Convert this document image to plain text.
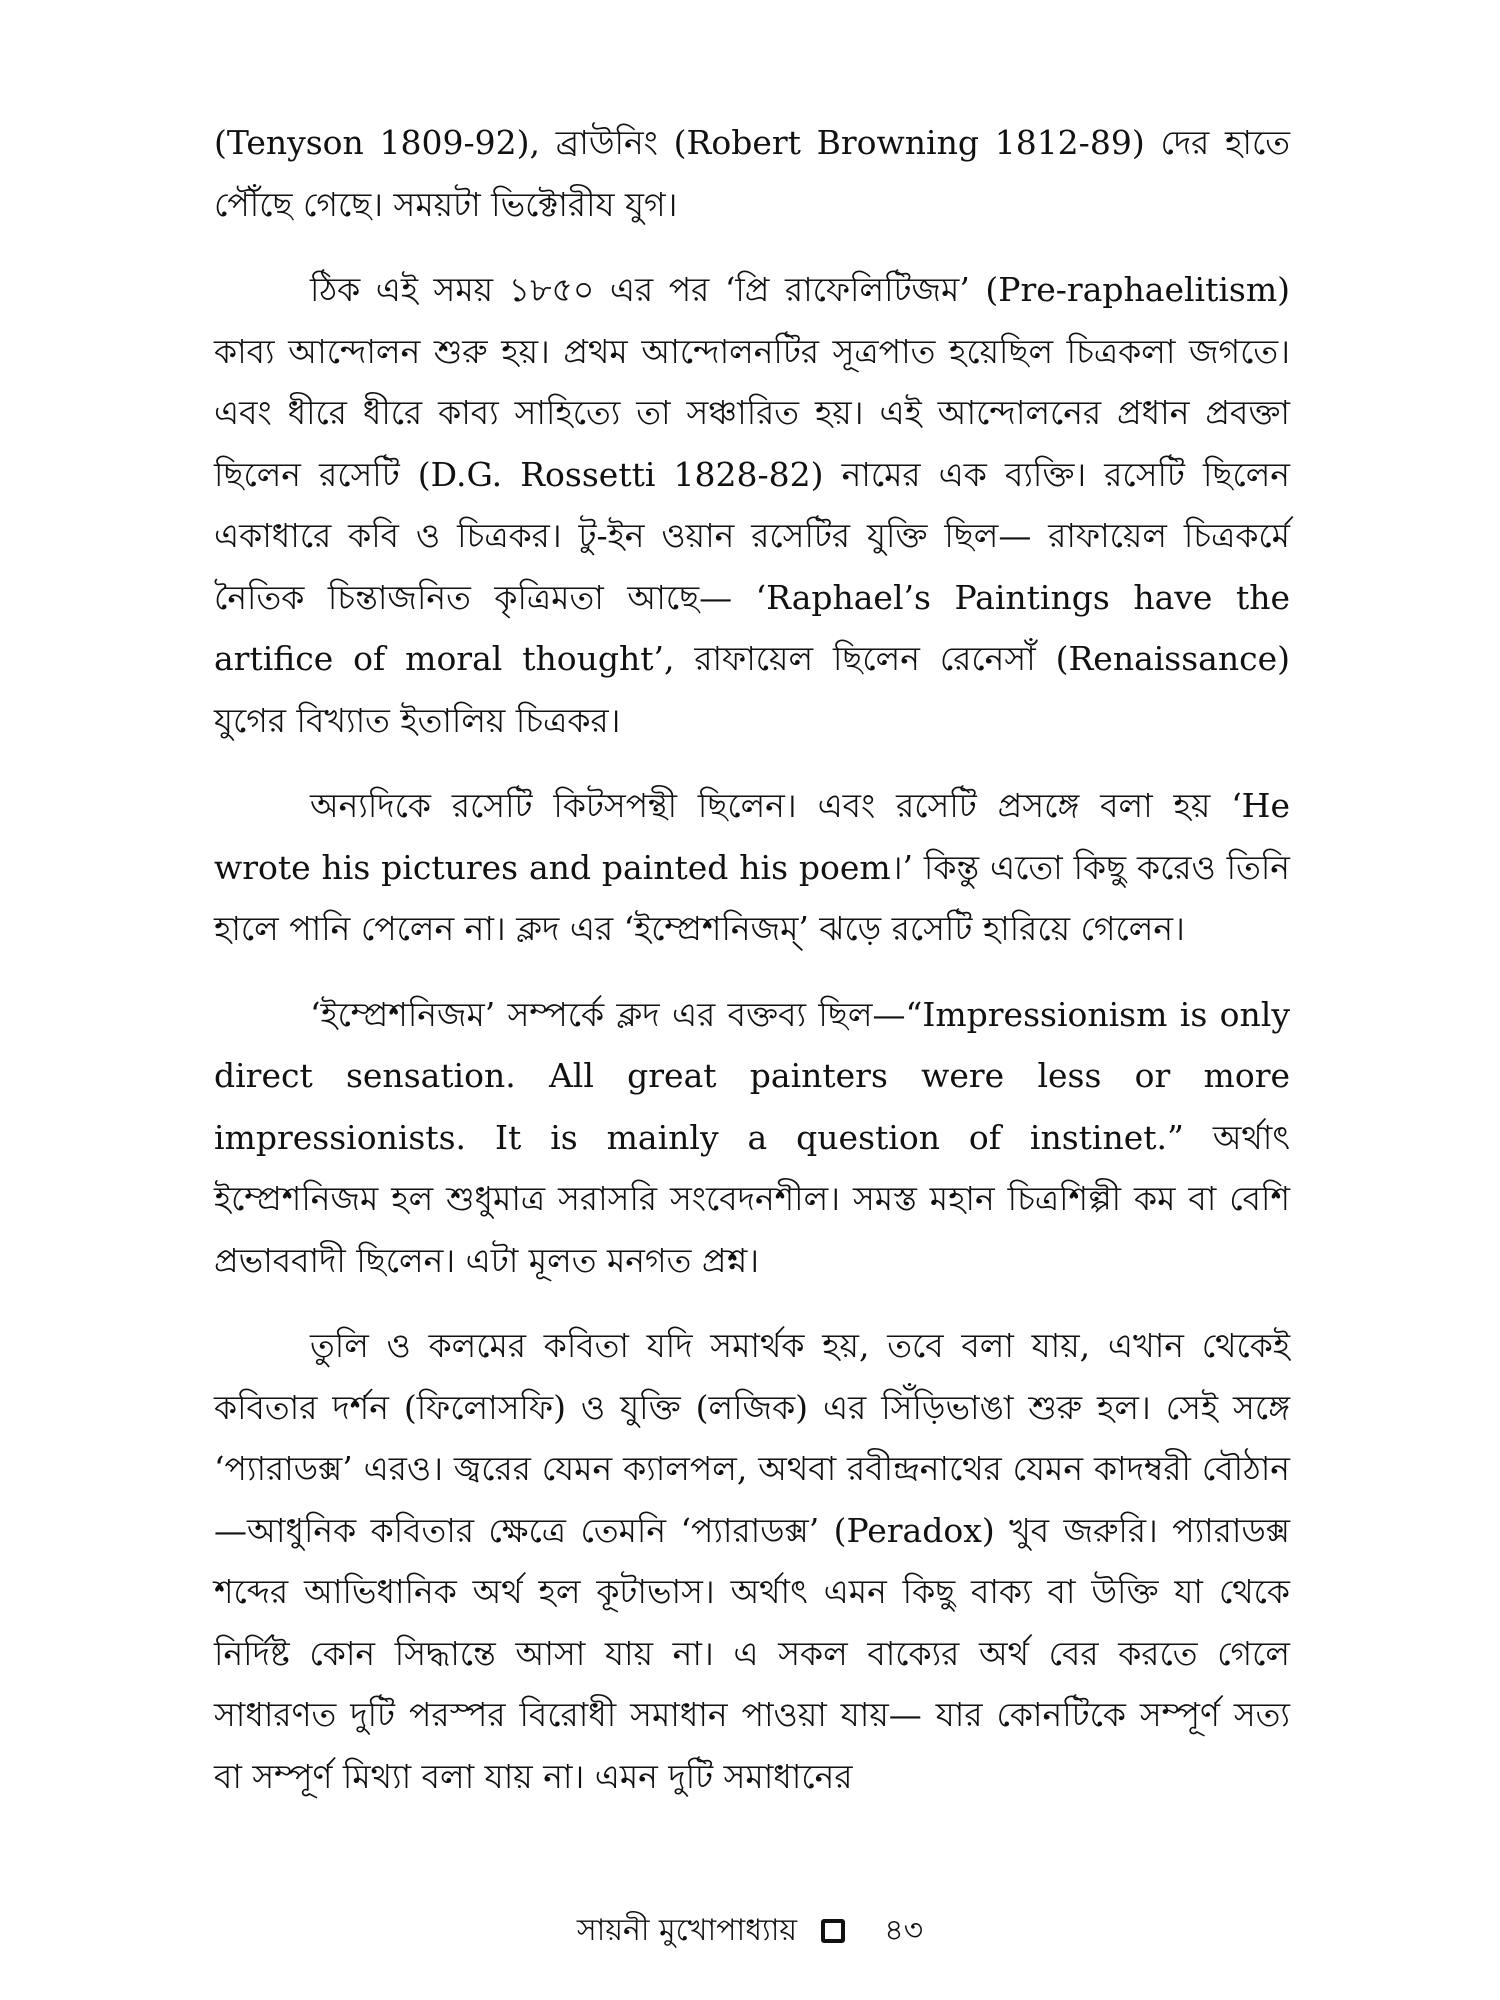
(Tenyson 1809-92), ব্রাউনিং (Robert Browning 1812-89) দের হাতে পৌঁছে গেছে। সময়টা ভিক্টোরীয যুগ।

ঠিক এই সময় ১৮৫০ এর পর ‘প্রি রাফেলিটিজম’ (Pre-raphaelitism) কাব্য আন্দোলন শুরু হয়। প্রথম আন্দোলনটির সূত্রপাত হয়েছিল চিত্রকলা জগতে। এবং ধীরে ধীরে কাব্য সাহিত্যে তা সঞ্চারিত হয়। এই আন্দোলনের প্রধান প্রবক্তা ছিলেন রসেটি (D.G. Rossetti 1828-82) নামের এক ব্যক্তি। রসেটি ছিলেন একাধারে কবি ও চিত্রকর। টু-ইন ওয়ান রসেটির যুক্তি ছিল— রাফায়েল চিত্রকর্মে নৈতিক চিন্তাজনিত কৃত্রিমতা আছে— ‘Raphael’s Paintings have the artifice of moral thought’, রাফায়েল ছিলেন রেনেসাঁ (Renaissance) যুগের বিখ্যাত ইতালিয় চিত্রকর।

অন্যদিকে রসেটি কিটসপন্থী ছিলেন। এবং রসেটি প্রসঙ্গে বলা হয় ‘He wrote his pictures and painted his poem।’ কিন্তু এতো কিছু করেও তিনি হালে পানি পেলেন না। ক্লদ এর ‘ইম্প্রেশনিজম্’ ঝড়ে রসেটি হারিয়ে গেলেন।

‘ইম্প্রেশনিজম’ সম্পর্কে ক্লদ এর বক্তব্য ছিল—“Impressionism is only direct sensation. All great painters were less or more impressionists. It is mainly a question of instinet.” অর্থাৎ ইম্প্রেশনিজম হল শুধুমাত্র সরাসরি সংবেদনশীল। সমস্ত মহান চিত্রশিল্পী কম বা বেশি প্রভাববাদী ছিলেন। এটা মূলত মনগত প্রশ্ন।

তুলি ও কলমের কবিতা যদি সমার্থক হয়, তবে বলা যায়, এখান থেকেই কবিতার দর্শন (ফিলোসফি) ও যুক্তি (লজিক) এর সিঁড়িভাঙা শুরু হল। সেই সঙ্গে ‘প্যারাডক্স’ এরও। জ্বরের যেমন ক্যালপল, অথবা রবীন্দ্রনাথের যেমন কাদম্বরী বৌঠান—আধুনিক কবিতার ক্ষেত্রে তেমনি ‘প্যারাডক্স’ (Peradox) খুব জরুরি। প্যারাডক্স শব্দের আভিধানিক অর্থ হল কূটাভাস। অর্থাৎ এমন কিছু বাক্য বা উক্তি যা থেকে নির্দিষ্ট কোন সিদ্ধান্তে আসা যায় না। এ সকল বাক্যের অর্থ বের করতে গেলে সাধারণত দুটি পরস্পর বিরোধী সমাধান পাওয়া যায়— যার কোনটিকে সম্পূর্ণ সত্য বা সম্পূর্ণ মিথ্যা বলা যায় না। এমন দুটি সমাধানের

সায়নী মুখোপাধ্যায়	৪৩
